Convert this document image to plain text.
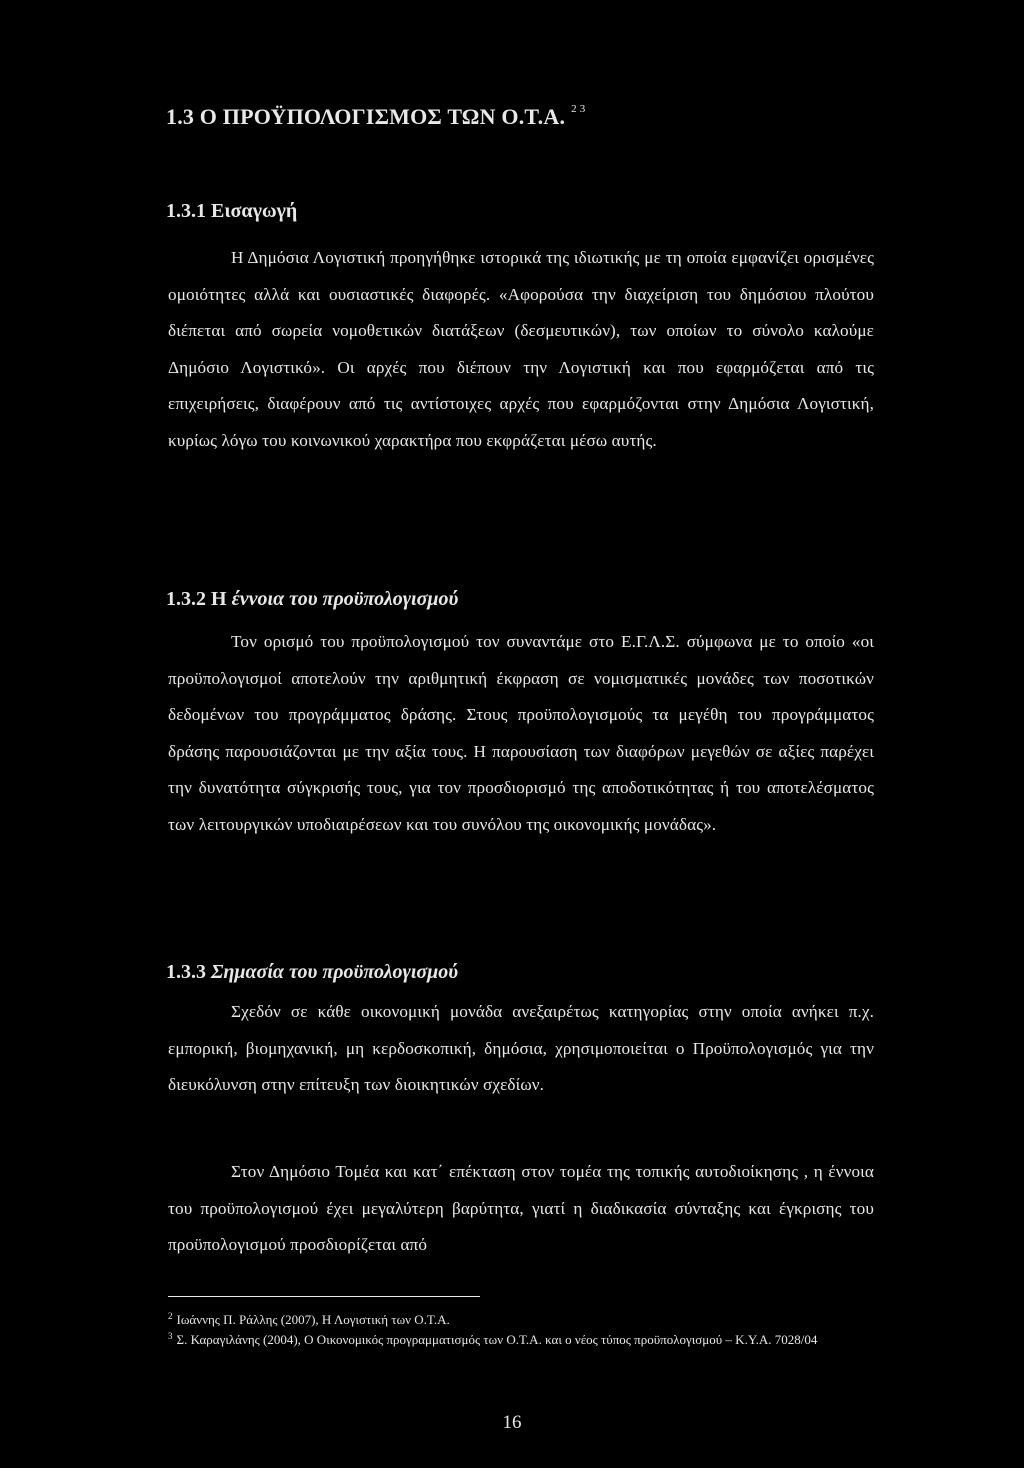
1.3 Ο ΠΡΟΫΠΟΛΟΓΙΣΜΟΣ ΤΩΝ Ο.Τ.Α. $^{2 3}$
1.3.1 Εισαγωγή

Η Δημόσια Λογιστική προηγήθηκε ιστορικά της ιδιωτικής με τη οποία εμφανίζει ορισμένες ομοιότητες αλλά και ουσιαστικές διαφορές. «Αφορούσα την διαχείριση του δημόσιου πλούτου διέπεται από σωρεία νομοθετικών διατάξεων (δεσμευτικών), των οποίων το σύνολο καλούμε Δημόσιο Λογιστικό». Οι αρχές που διέπουν την Λογιστική και που εφαρμόζεται από τις επιχειρήσεις, διαφέρουν από τις αντίστοιχες αρχές που εφαρμόζονται στην Δημόσια Λογιστική, κυρίως λόγω του κοινωνικού χαρακτήρα που εκφράζεται μέσω αυτής.

1.3.2 Η έννοια του προϋπολογισμού

Τον ορισμό του προϋπολογισμού τον συναντάμε στο Ε.Γ.Λ.Σ. σύμφωνα με το οποίο «οι προϋπολογισμοί αποτελούν την αριθμητική έκφραση σε νομισματικές μονάδες των ποσοτικών δεδομένων του προγράμματος δράσης. Στους προϋπολογισμούς τα μεγέθη του προγράμματος δράσης παρουσιάζονται με την αξία τους. Η παρουσίαση των διαφόρων μεγεθών σε αξίες παρέχει την δυνατότητα σύγκρισής τους, για τον προσδιορισμό της αποδοτικότητας ή του αποτελέσματος των λειτουργικών υποδιαιρέσεων και του συνόλου της οικονομικής μονάδας».

1.3.3 Σημασία του προϋπολογισμού

Σχεδόν σε κάθε οικονομική μονάδα ανεξαιρέτως κατηγορίας στην οποία ανήκει π.χ. εμπορική, βιομηχανική, μη κερδοσκοπική, δημόσια, χρησιμοποιείται ο Προϋπολογισμός για την διευκόλυνση στην επίτευξη των διοικητικών σχεδίων.

Στον Δημόσιο Τομέα και κατ΄ επέκταση στον τομέα της τοπικής αυτοδιοίκησης , η έννοια του προϋπολογισμού έχει μεγαλύτερη βαρύτητα, γιατί η διαδικασία σύνταξης και έγκρισης του προϋπολογισμού προσδιορίζεται από

$^2$ Ιωάννης Π. Ράλλης (2007), Η Λογιστική των Ο.Τ.Α.

$^3$ Σ. Καραγιλάνης (2004), Ο Οικονομικός προγραμματισμός των Ο.Τ.Α. και ο νέος τύπος προϋπολογισμού – Κ.Υ.Α. 7028/04

16
